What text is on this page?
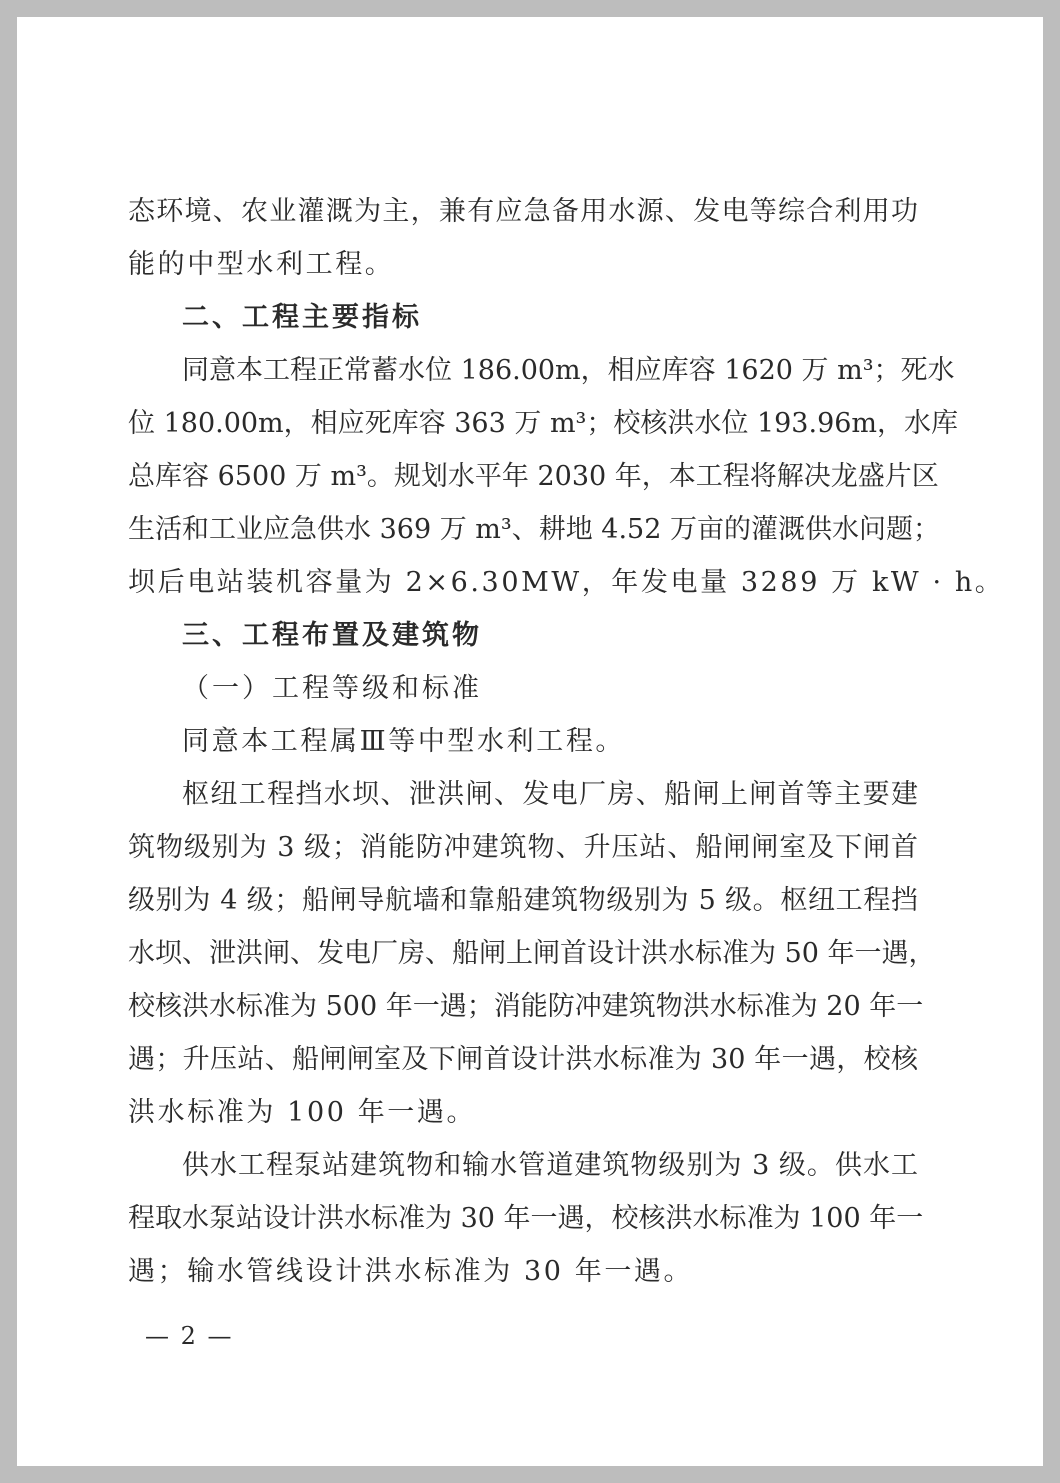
态环境、农业灌溉为主，兼有应急备用水源、发电等综合利用功
能的中型水利工程。
二、工程主要指标
同意本工程正常蓄水位 186.00m，相应库容 1620 万 m³；死水
位 180.00m，相应死库容 363 万 m³；校核洪水位 193.96m，水库
总库容 6500 万 m³。规划水平年 2030 年，本工程将解决龙盛片区
生活和工业应急供水 369 万 m³、耕地 4.52 万亩的灌溉供水问题；
坝后电站装机容量为 2×6.30MW，年发电量 3289 万 kW · h。
三、工程布置及建筑物
（一）工程等级和标准
同意本工程属Ⅲ等中型水利工程。
枢纽工程挡水坝、泄洪闸、发电厂房、船闸上闸首等主要建
筑物级别为 3 级；消能防冲建筑物、升压站、船闸闸室及下闸首
级别为 4 级；船闸导航墙和靠船建筑物级别为 5 级。枢纽工程挡
水坝、泄洪闸、发电厂房、船闸上闸首设计洪水标准为 50 年一遇，
校核洪水标准为 500 年一遇；消能防冲建筑物洪水标准为 20 年一
遇；升压站、船闸闸室及下闸首设计洪水标准为 30 年一遇，校核
洪水标准为 100 年一遇。
供水工程泵站建筑物和输水管道建筑物级别为 3 级。供水工
程取水泵站设计洪水标准为 30 年一遇，校核洪水标准为 100 年一
遇；输水管线设计洪水标准为 30 年一遇。
— 2 —
